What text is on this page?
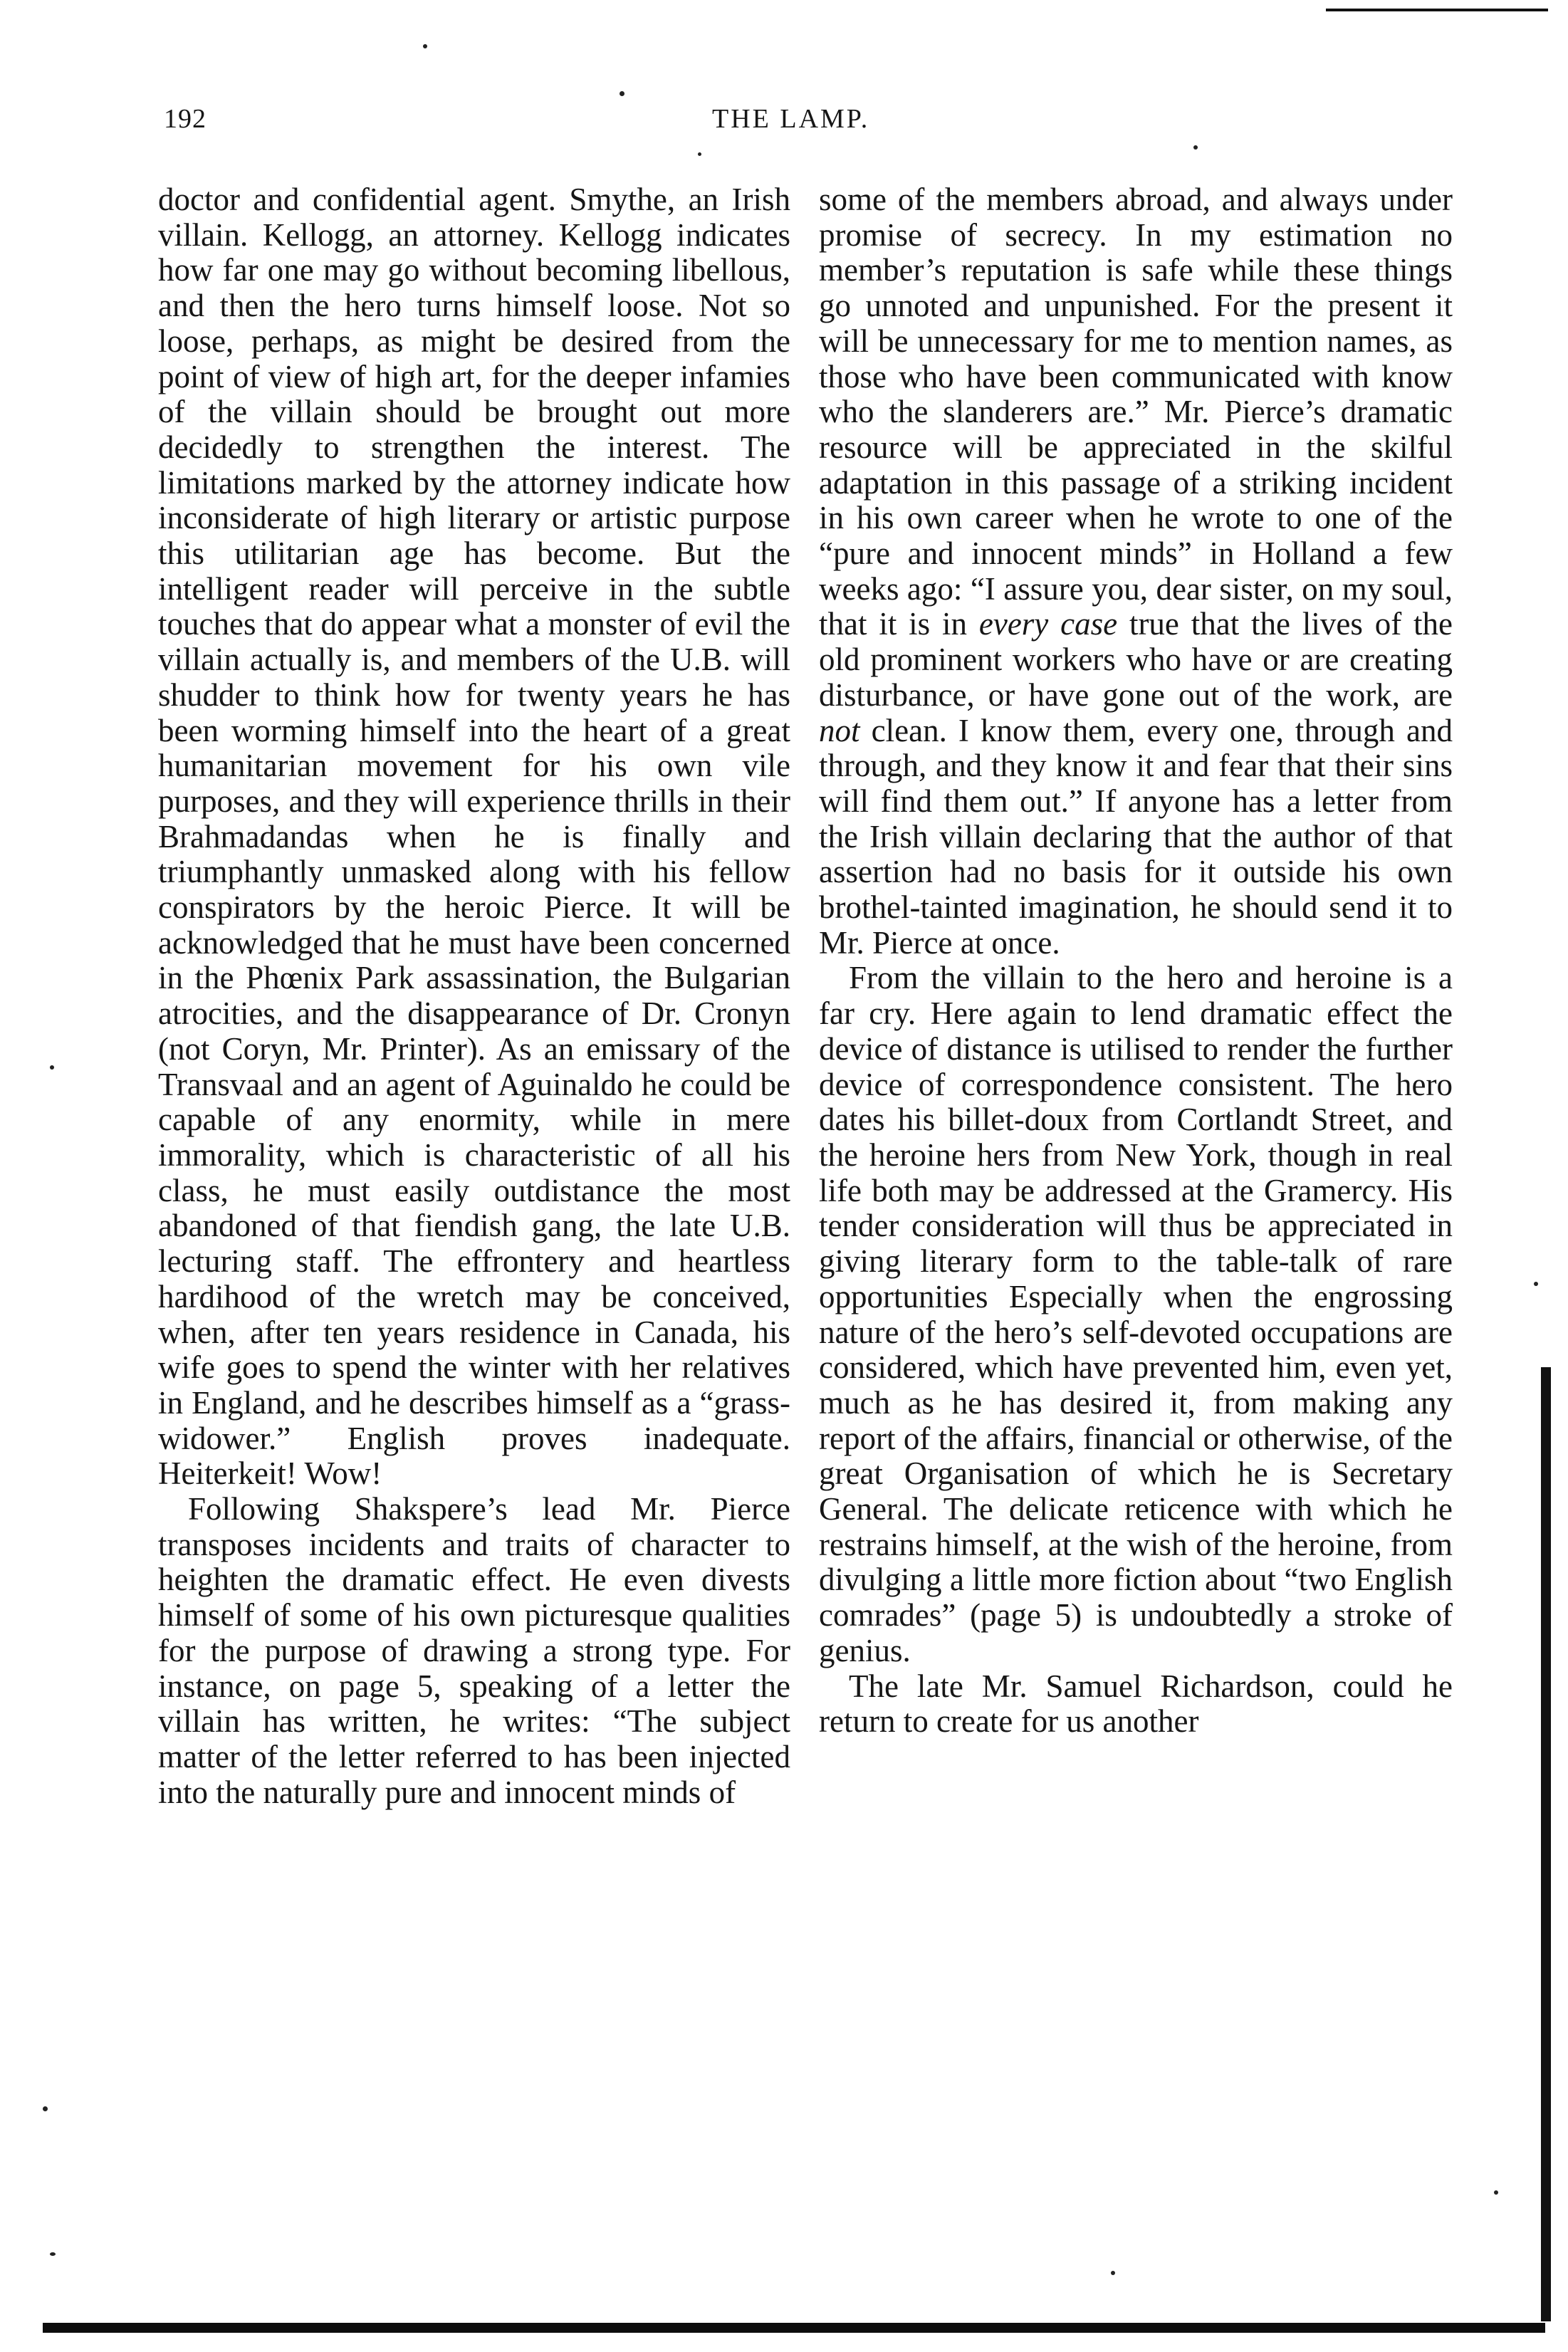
192	THE LAMP.

doctor and confidential agent. Smythe, an Irish villain. Kellogg, an attorney. Kellogg indicates how far one may go without becoming libellous, and then the hero turns himself loose. Not so loose, perhaps, as might be desired from the point of view of high art, for the deeper infamies of the villain should be brought out more decidedly to strengthen the interest. The limitations marked by the attorney indicate how inconsiderate of high literary or artistic purpose this utilitarian age has become. But the intelligent reader will perceive in the subtle touches that do appear what a monster of evil the villain actually is, and members of the U.B. will shudder to think how for twenty years he has been worming himself into the heart of a great humanitarian movement for his own vile purposes, and they will experience thrills in their Brahmadandas when he is finally and triumphantly unmasked along with his fellow conspirators by the heroic Pierce. It will be acknowledged that he must have been concerned in the Phœnix Park assassination, the Bulgarian atrocities, and the disappearance of Dr. Cronyn (not Coryn, Mr. Printer). As an emissary of the Transvaal and an agent of Aguinaldo he could be capable of any enormity, while in mere immorality, which is characteristic of all his class, he must easily outdistance the most abandoned of that fiendish gang, the late U.B. lecturing staff. The effrontery and heartless hardihood of the wretch may be conceived, when, after ten years residence in Canada, his wife goes to spend the winter with her relatives in England, and he describes himself as a “grass-widower.” English proves inadequate. Heiterkeit! Wow!

Following Shakspere’s lead Mr. Pierce transposes incidents and traits of character to heighten the dramatic effect. He even divests himself of some of his own picturesque qualities for the purpose of drawing a strong type. For instance, on page 5, speaking of a letter the villain has written, he writes: “The subject matter of the letter referred to has been injected into the naturally pure and innocent minds of

some of the members abroad, and always under promise of secrecy. In my estimation no member’s reputation is safe while these things go unnoted and unpunished. For the present it will be unnecessary for me to mention names, as those who have been communicated with know who the slanderers are.” Mr. Pierce’s dramatic resource will be appreciated in the skilful adaptation in this passage of a striking incident in his own career when he wrote to one of the “pure and innocent minds” in Holland a few weeks ago: “I assure you, dear sister, on my soul, that it is in every case true that the lives of the old prominent workers who have or are creating disturbance, or have gone out of the work, are not clean. I know them, every one, through and through, and they know it and fear that their sins will find them out.” If anyone has a letter from the Irish villain declaring that the author of that assertion had no basis for it outside his own brothel-tainted imagination, he should send it to Mr. Pierce at once.

From the villain to the hero and heroine is a far cry. Here again to lend dramatic effect the device of distance is utilised to render the further device of correspondence consistent. The hero dates his billet-doux from Cortlandt Street, and the heroine hers from New York, though in real life both may be addressed at the Gramercy. His tender consideration will thus be appreciated in giving literary form to the table-talk of rare opportunities Especially when the engrossing nature of the hero’s self-devoted occupations are considered, which have prevented him, even yet, much as he has desired it, from making any report of the affairs, financial or otherwise, of the great Organisation of which he is Secretary General. The delicate reticence with which he restrains himself, at the wish of the heroine, from divulging a little more fiction about “two English comrades” (page 5) is undoubtedly a stroke of genius.

The late Mr. Samuel Richardson, could he return to create for us another
